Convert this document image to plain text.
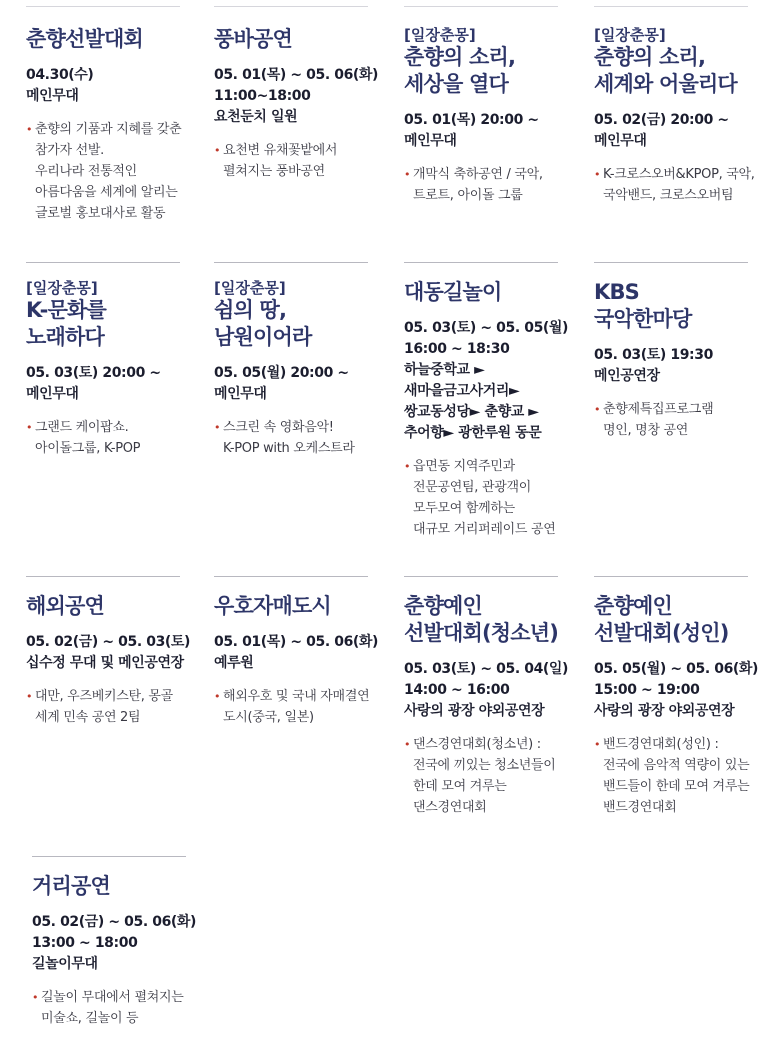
춘향선발대회
04.30(수)
메인무대
• 춘향의 기품과 지혜를 갖춘
참가자 선발.
우리나라 전통적인
아름다움을 세계에 알리는
글로벌 홍보대사로 활동
풍바공연
05. 01(목) ~ 05. 06(화)
11:00~18:00
요천둔치 일원
• 요천변 유채꽃밭에서
펼쳐지는 풍바공연
[일장춘몽]
춘향의 소리,
세상을 열다
05. 01(목) 20:00 ~
메인무대
• 개막식 축하공연 / 국악,
트로트, 아이돌 그룹
[일장춘몽]
춘향의 소리,
세계와 어울리다
05. 02(금) 20:00 ~
메인무대
• K-크로스오버&KPOP, 국악,
국악밴드, 크로스오버팀
[일장춘몽]
K-문화를
노래하다
05. 03(토) 20:00 ~
메인무대
• 그랜드 케이팝쇼.
아이돌그룹, K-POP
[일장춘몽]
쉼의 땅,
남원이어라
05. 05(월) 20:00 ~
메인무대
• 스크린 속 영화음악!
K-POP with 오케스트라
대동길놀이
05. 03(토) ~ 05. 05(월)
16:00 ~ 18:30
하늘중학교 ►
새마을금고사거리►
쌍교동성당► 춘향교 ►
추어향► 광한루원 동문
• 읍면동 지역주민과
전문공연팀, 관광객이
모두모여 함께하는
대규모 거리퍼레이드 공연
KBS
국악한마당
05. 03(토) 19:30
메인공연장
• 춘향제특집프로그램
명인, 명창 공연
해외공연
05. 02(금) ~ 05. 03(토)
십수정 무대 및 메인공연장
• 대만, 우즈베키스탄, 몽골
세계 민속 공연 2팀
우호자매도시
05. 01(목) ~ 05. 06(화)
예루원
• 해외우호 및 국내 자매결연
도시(중국, 일본)
춘향예인
선발대회(청소년)
05. 03(토) ~ 05. 04(일)
14:00 ~ 16:00
사랑의 광장 야외공연장
• 댄스경연대회(청소년) :
전국에 끼있는 청소년들이
한데 모여 겨루는
댄스경연대회
춘향예인
선발대회(성인)
05. 05(월) ~ 05. 06(화)
15:00 ~ 19:00
사랑의 광장 야외공연장
• 밴드경연대회(성인) :
전국에 음악적 역량이 있는
밴드들이 한데 모여 겨루는
밴드경연대회
거리공연
05. 02(금) ~ 05. 06(화)
13:00 ~ 18:00
길놀이무대
• 길놀이 무대에서 펼쳐지는
미술쇼, 길놀이 등
